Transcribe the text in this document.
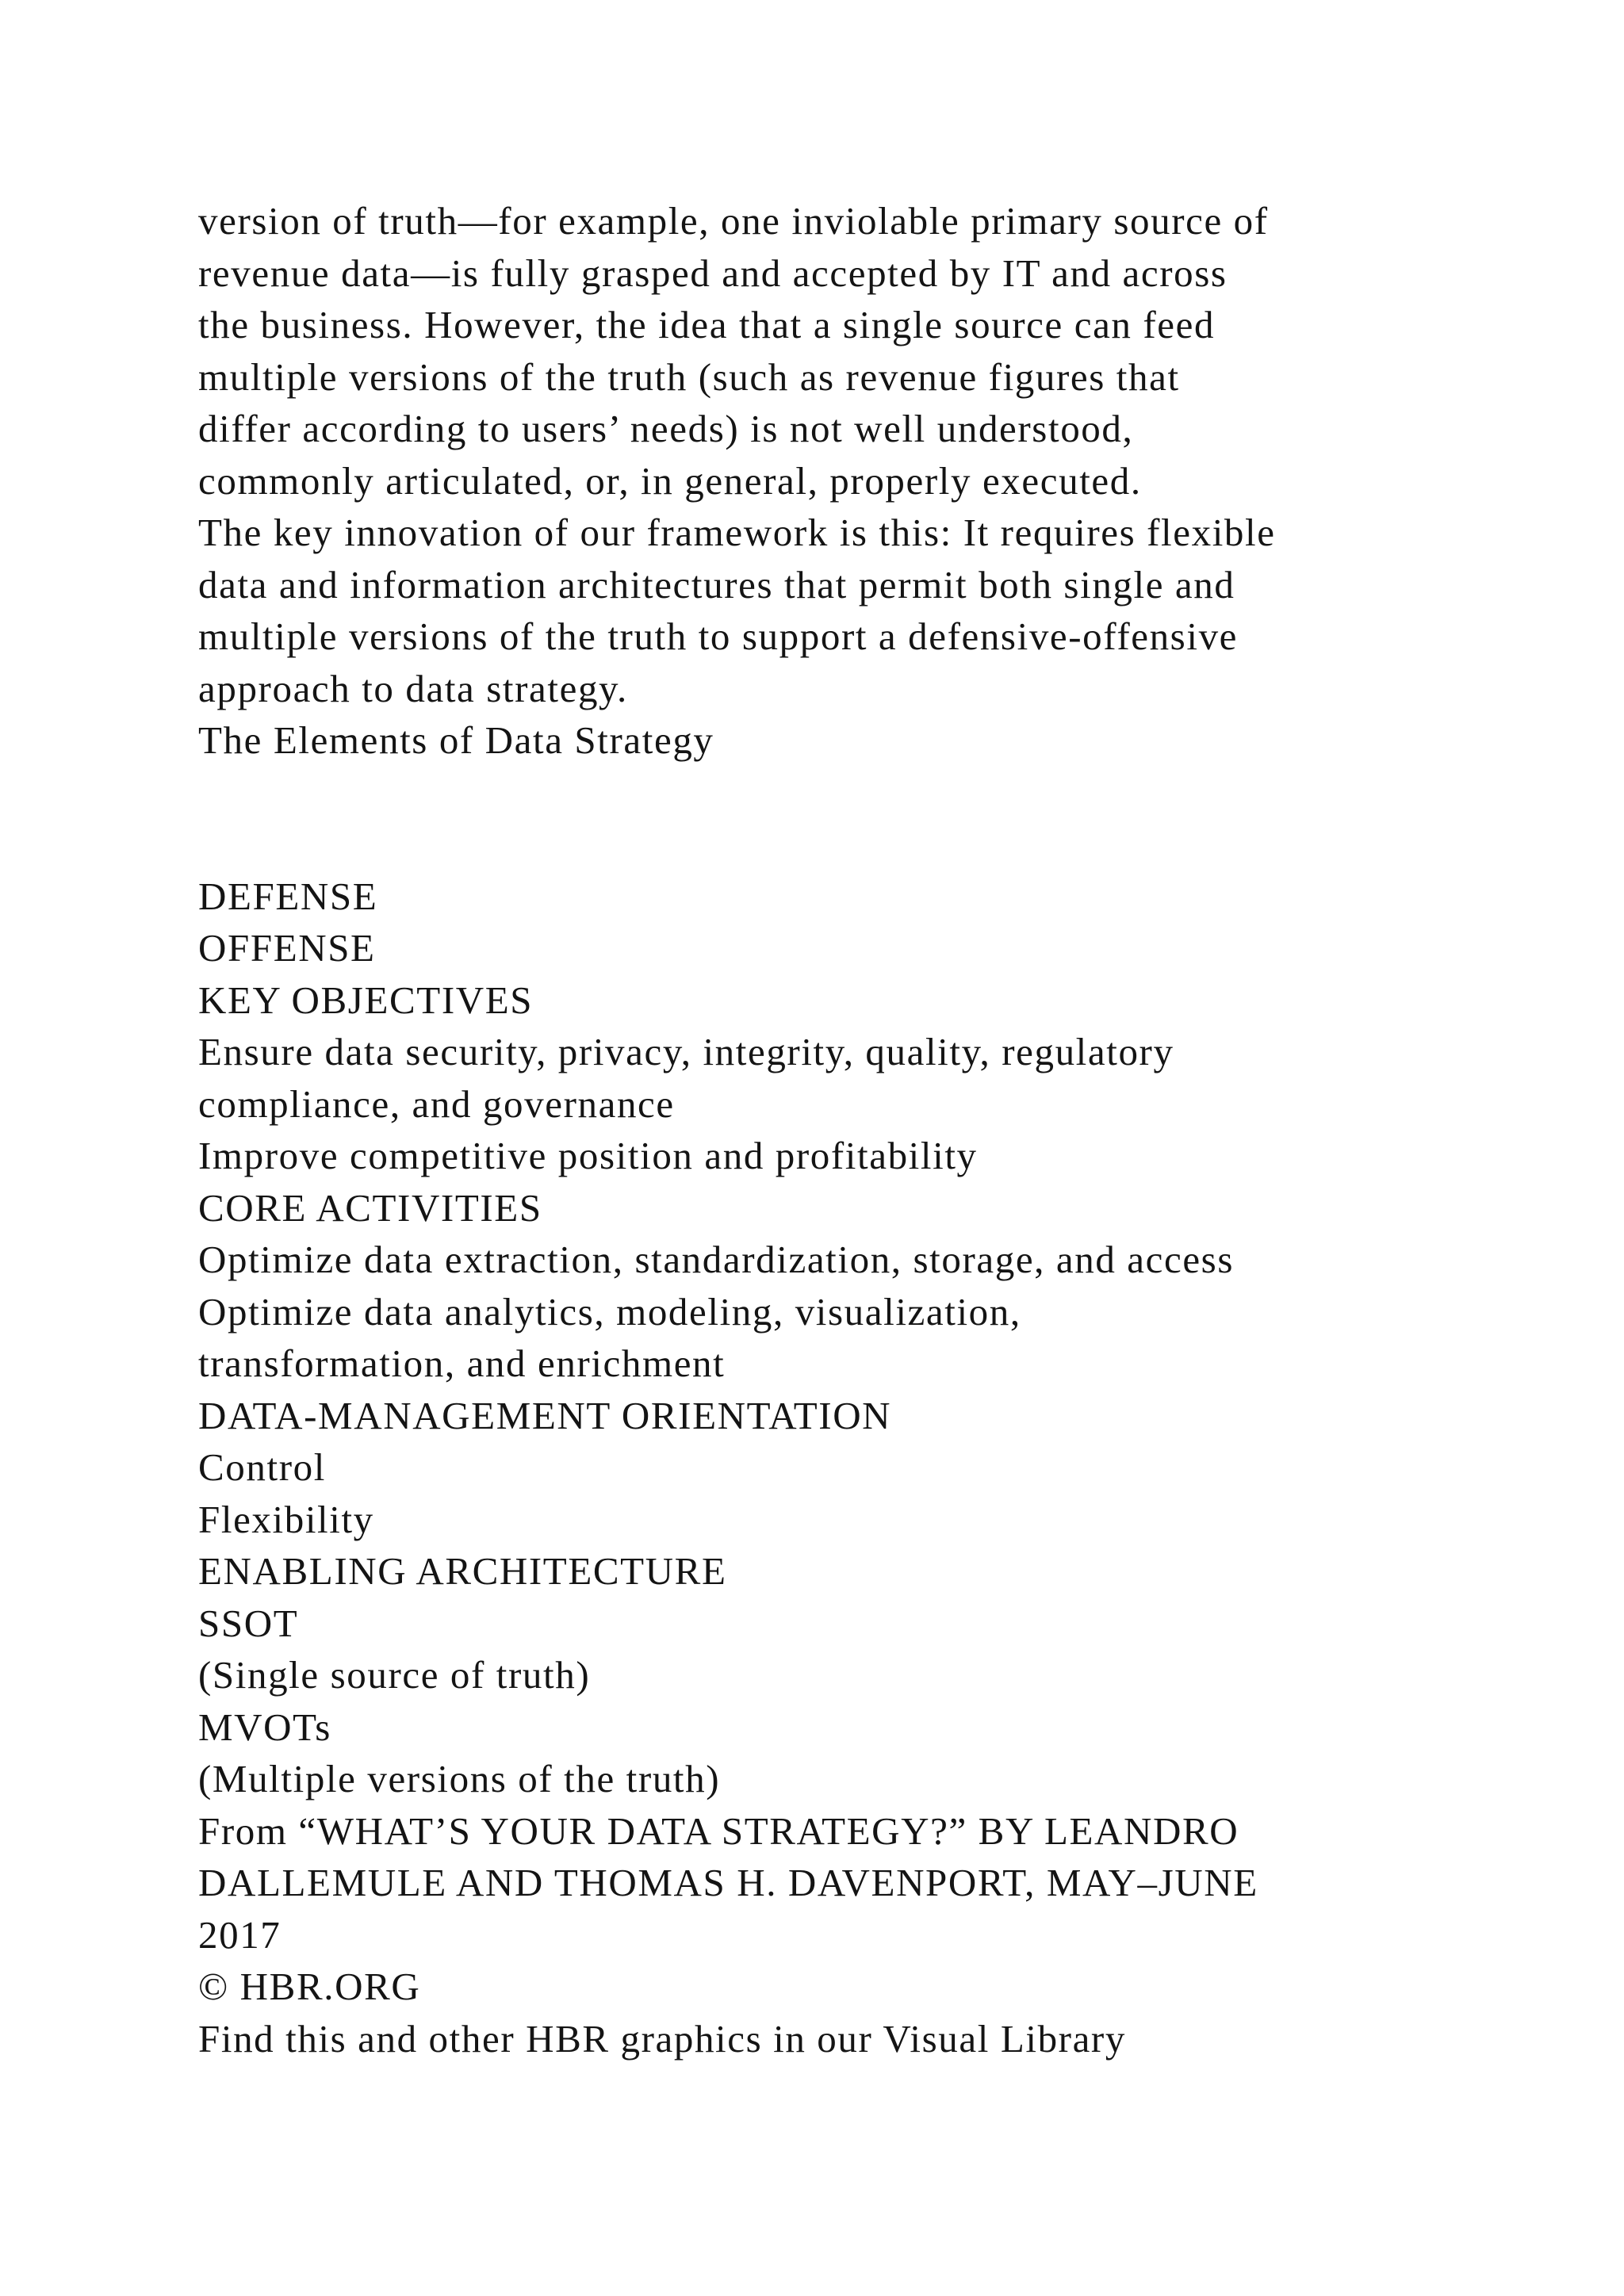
version of truth—for example, one inviolable primary source of
revenue data—is fully grasped and accepted by IT and across
the business. However, the idea that a single source can feed
multiple versions of the truth (such as revenue figures that
differ according to users’ needs) is not well understood,
commonly articulated, or, in general, properly executed.
The key innovation of our framework is this: It requires flexible
data and information architectures that permit both single and
multiple versions of the truth to support a defensive-offensive
approach to data strategy.
The Elements of Data Strategy
DEFENSE
OFFENSE
KEY OBJECTIVES
Ensure data security, privacy, integrity, quality, regulatory
compliance, and governance
Improve competitive position and profitability
CORE ACTIVITIES
Optimize data extraction, standardization, storage, and access
Optimize data analytics, modeling, visualization,
transformation, and enrichment
DATA-MANAGEMENT ORIENTATION
Control
Flexibility
ENABLING ARCHITECTURE
SSOT
(Single source of truth)
MVOTs
(Multiple versions of the truth)
From “WHAT’S YOUR DATA STRATEGY?” BY LEANDRO
DALLEMULE AND THOMAS H. DAVENPORT, MAY–JUNE
2017
© HBR.ORG
Find this and other HBR graphics in our Visual Library
